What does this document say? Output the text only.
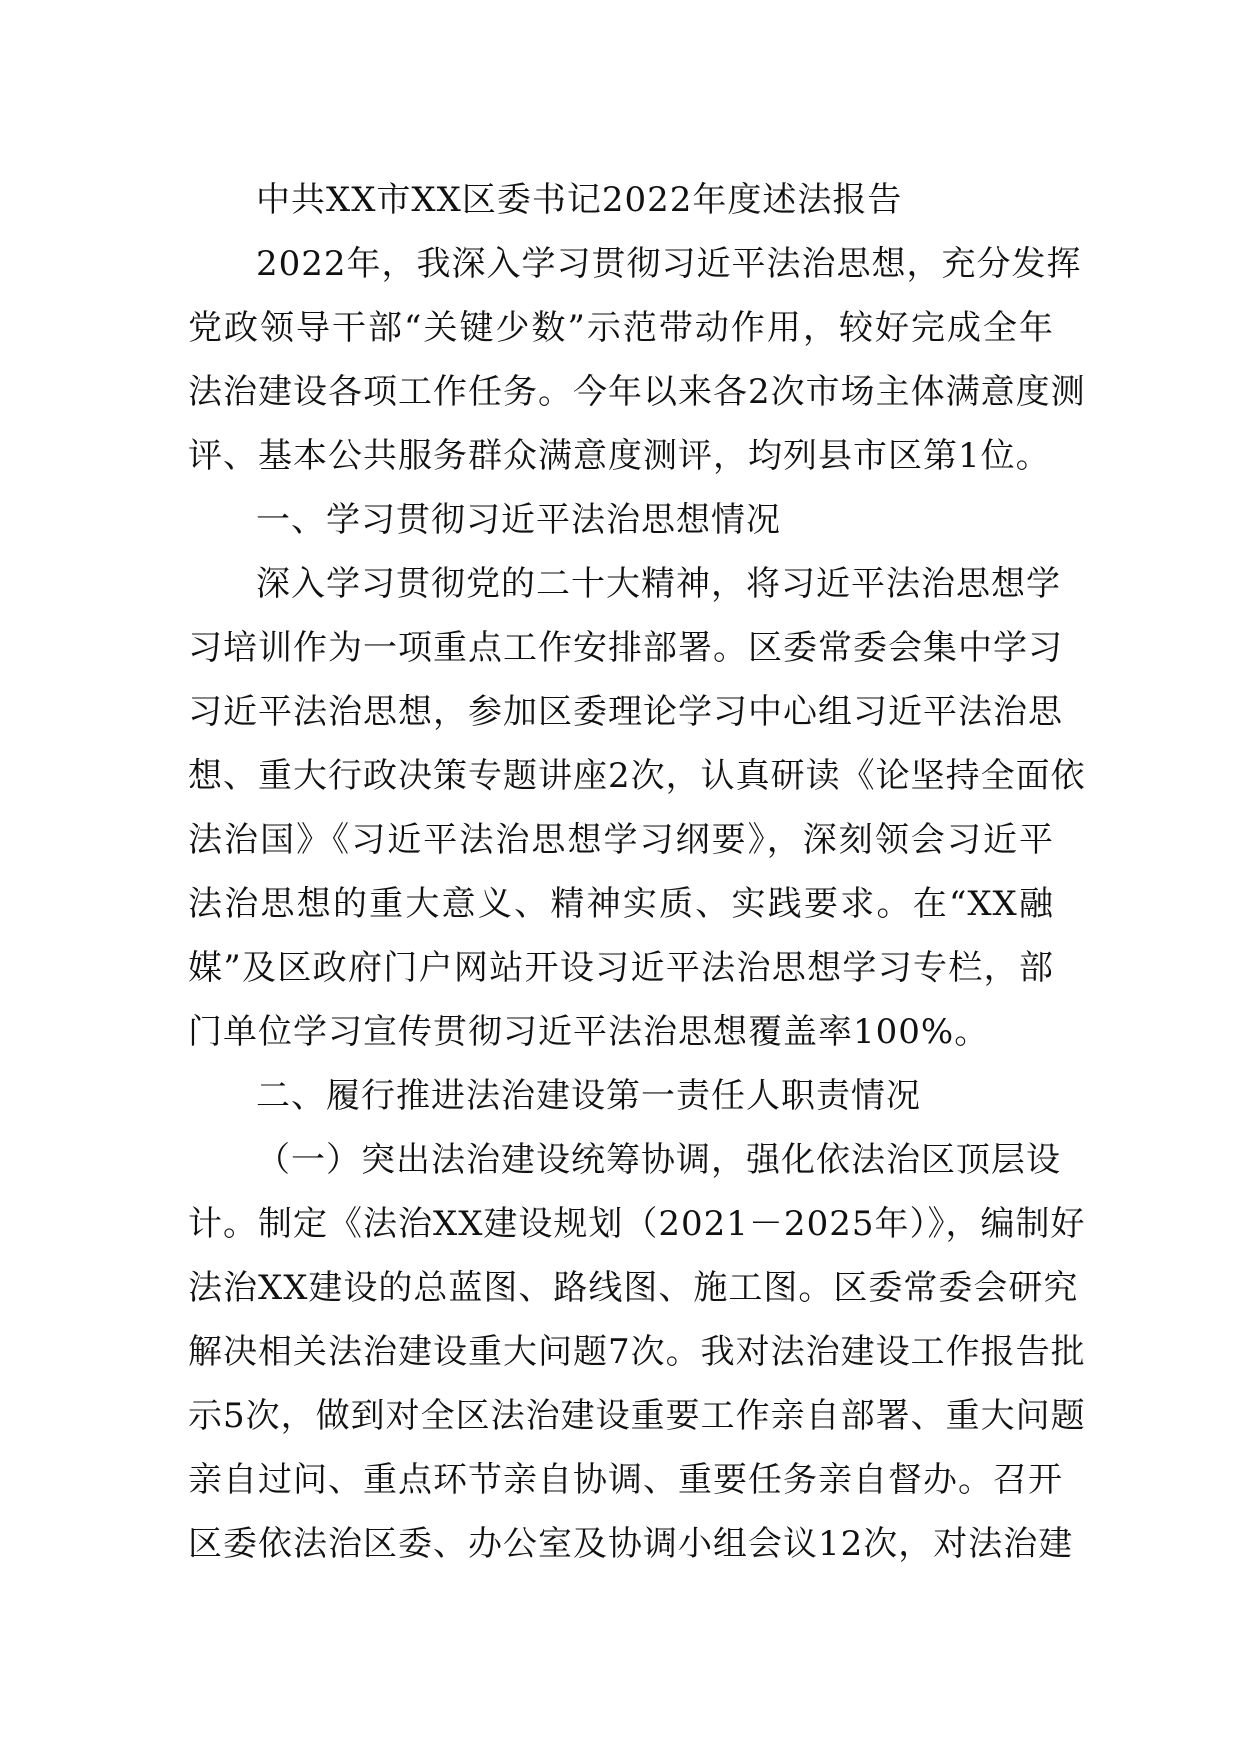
中共XX市XX区委书记2022年度述法报告
2022年，我深入学习贯彻习近平法治思想，充分发挥
党政领导干部“关键少数”示范带动作用，较好完成全年
法治建设各项工作任务。今年以来各2次市场主体满意度测
评、基本公共服务群众满意度测评，均列县市区第1位。
一、学习贯彻习近平法治思想情况
深入学习贯彻党的二十大精神，将习近平法治思想学
习培训作为一项重点工作安排部署。区委常委会集中学习
习近平法治思想，参加区委理论学习中心组习近平法治思
想、重大行政决策专题讲座2次，认真研读《论坚持全面依
法治国》《习近平法治思想学习纲要》，深刻领会习近平
法治思想的重大意义、精神实质、实践要求。在“XX融
媒”及区政府门户网站开设习近平法治思想学习专栏，部
门单位学习宣传贯彻习近平法治思想覆盖率100%。
二、履行推进法治建设第一责任人职责情况
（一）突出法治建设统筹协调，强化依法治区顶层设
计。制定《法治XX建设规划（2021－2025年）》，编制好
法治XX建设的总蓝图、路线图、施工图。区委常委会研究
解决相关法治建设重大问题7次。我对法治建设工作报告批
示5次，做到对全区法治建设重要工作亲自部署、重大问题
亲自过问、重点环节亲自协调、重要任务亲自督办。召开
区委依法治区委、办公室及协调小组会议12次，对法治建
